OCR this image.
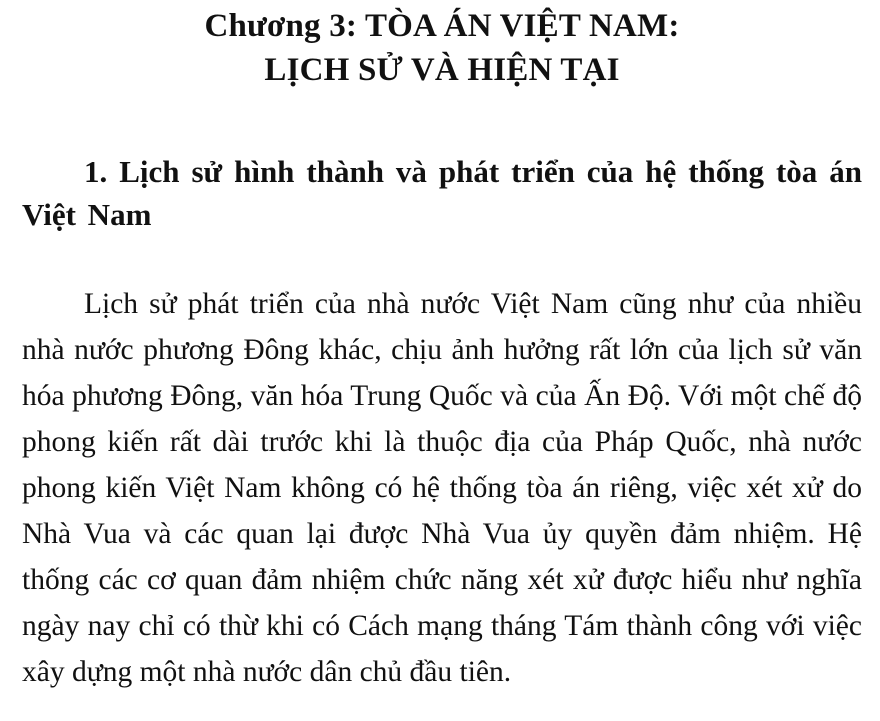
Chương 3: TÒA ÁN VIỆT NAM:
LỊCH SỬ VÀ HIỆN TẠI
1. Lịch sử hình thành và phát triển của hệ thống tòa án Việt Nam

Lịch sử phát triển của nhà nước Việt Nam cũng như của nhiều nhà nước phương Đông khác, chịu ảnh hưởng rất lớn của lịch sử văn hóa phương Đông, văn hóa Trung Quốc và của Ấn Độ. Với một chế độ phong kiến rất dài trước khi là thuộc địa của Pháp Quốc, nhà nước phong kiến Việt Nam không có hệ thống tòa án riêng, việc xét xử do Nhà Vua và các quan lại được Nhà Vua ủy quyền đảm nhiệm. Hệ thống các cơ quan đảm nhiệm chức năng xét xử được hiểu như nghĩa ngày nay chỉ có thừ khi có Cách mạng tháng Tám thành công với việc xây dựng một nhà nước dân chủ đầu tiên.
